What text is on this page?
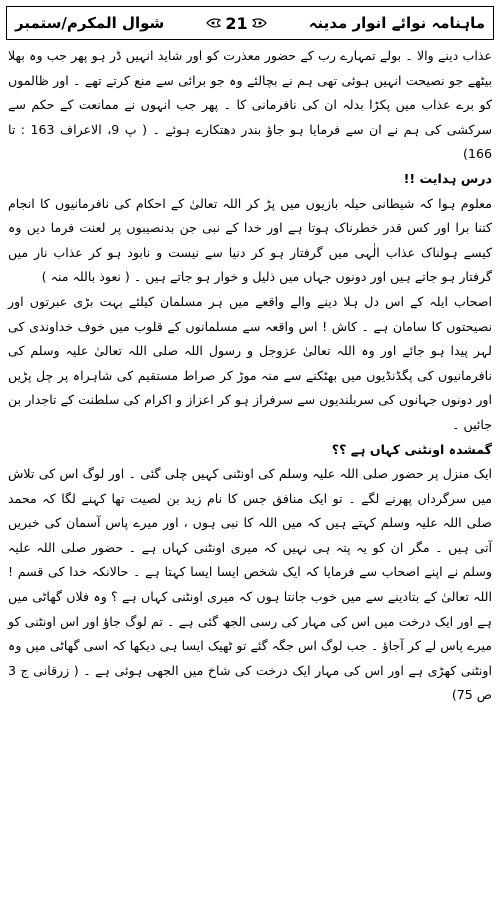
ماہنامہ نوائے انوار مدینہ
21
شوال المکرم/ستمبر

عذاب دینے والا ۔ بولے تمہارے رب کے حضور معذرت کو اور شاید انہیں ڈر ہو پھر جب وہ بھلا بیٹھے جو نصیحت انہیں ہوئی تھی ہم نے بچالئے وہ جو برائی سے منع کرتے تھے ۔ اور ظالموں کو برے عذاب میں پکڑا بدلہ ان کی نافرمانی کا ۔ پھر جب انہوں نے ممانعت کے حکم سے سرکشی کی ہم نے ان سے فرمایا ہو جاؤ بندر دھتکارے ہوئے ۔ ( پ 9، الاعراف 163 : تا 166)

درس ہدایت !!

معلوم ہوا کہ شیطانی حیلہ بازیوں میں پڑ کر اللہ تعالیٰ کے احکام کی نافرمانیوں کا انجام کتنا برا اور کس قدر خطرناک ہوتا ہے اور خدا کے نبی جن بدنصیبوں پر لعنت فرما دیں وہ کیسے ہولناک عذاب الٰہی میں گرفتار ہو کر دنیا سے نیست و نابود ہو کر عذاب نار میں گرفتار ہو جاتے ہیں اور دونوں جہاں میں ذلیل و خوار ہو جاتے ہیں ۔ ( نعوذ باللہ منہ )

اصحاب ایلہ کے اس دل ہلا دینے والے واقعے میں ہر مسلمان کیلئے بہت بڑی عبرتوں اور نصیحتوں کا سامان ہے ۔ کاش ! اس واقعہ سے مسلمانوں کے قلوب میں خوف خداوندی کی لہر پیدا ہو جائے اور وہ اللہ تعالیٰ عزوجل و رسول اللہ صلی اللہ تعالیٰ علیہ وسلم کی نافرمانیوں کی پگڈنڈیوں میں بھٹکنے سے منہ موڑ کر صراط مستقیم کی شاہراہ پر چل پڑیں اور دونوں جہانوں کی سربلندیوں سے سرفراز ہو کر اعزاز و اکرام کی سلطنت کے تاجدار بن جائیں ۔

گمشدہ اونٹنی کہاں ہے ؟؟

ایک منزل پر حضور صلی اللہ علیہ وسلم کی اونٹنی کہیں چلی گئی ۔ اور لوگ اس کی تلاش میں سرگرداں پھرنے لگے ۔ تو ایک منافق جس کا نام زید بن لصیت تھا کہنے لگا کہ محمد صلی اللہ علیہ وسلم کہتے ہیں کہ میں اللہ کا نبی ہوں ، اور میرے پاس آسمان کی خبریں آتی ہیں ۔ مگر ان کو یہ پتہ ہی نہیں کہ میری اونٹنی کہاں ہے ۔ حضور صلی اللہ علیہ وسلم نے اپنے اصحاب سے فرمایا کہ ایک شخص ایسا ایسا کہتا ہے ۔ حالانکہ خدا کی قسم ! اللہ تعالیٰ کے بتادینے سے میں خوب جانتا ہوں کہ میری اونٹنی کہاں ہے ؟ وہ فلاں گھاٹی میں ہے اور ایک درخت میں اس کی مہار کی رسی الجھ گئی ہے ۔ تم لوگ جاؤ اور اس اونٹنی کو میرے پاس لے کر آجاؤ ۔ جب لوگ اس جگہ گئے تو ٹھیک ایسا ہی دیکھا کہ اسی گھاٹی میں وہ اونٹنی کھڑی ہے اور اس کی مہار ایک درخت کی شاخ میں الجھی ہوئی ہے ۔ ( زرقانی ج 3 ص 75)
